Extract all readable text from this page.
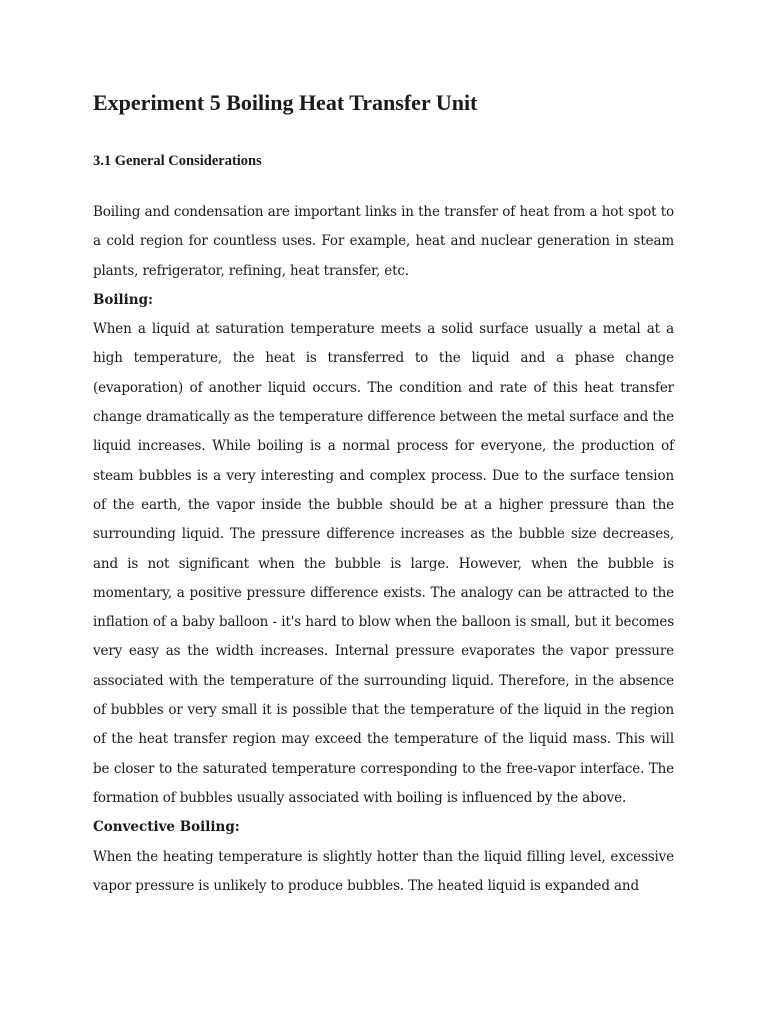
Experiment 5 Boiling Heat Transfer Unit
3.1 General Considerations

Boiling and condensation are important links in the transfer of heat from a hot spot to a cold region for countless uses. For example, heat and nuclear generation in steam plants, refrigerator, refining, heat transfer, etc.

Boiling:

When a liquid at saturation temperature meets a solid surface usually a metal at a high temperature, the heat is transferred to the liquid and a phase change (evaporation) of another liquid occurs. The condition and rate of this heat transfer change dramatically as the temperature difference between the metal surface and the liquid increases. While boiling is a normal process for everyone, the production of steam bubbles is a very interesting and complex process. Due to the surface tension of the earth, the vapor inside the bubble should be at a higher pressure than the surrounding liquid. The pressure difference increases as the bubble size decreases, and is not significant when the bubble is large. However, when the bubble is momentary, a positive pressure difference exists. The analogy can be attracted to the inflation of a baby balloon - it's hard to blow when the balloon is small, but it becomes very easy as the width increases. Internal pressure evaporates the vapor pressure associated with the temperature of the surrounding liquid. Therefore, in the absence of bubbles or very small it is possible that the temperature of the liquid in the region of the heat transfer region may exceed the temperature of the liquid mass. This will be closer to the saturated temperature corresponding to the free-vapor interface. The formation of bubbles usually associated with boiling is influenced by the above.

Convective Boiling:

When the heating temperature is slightly hotter than the liquid filling level, excessive vapor pressure is unlikely to produce bubbles. The heated liquid is expanded and
